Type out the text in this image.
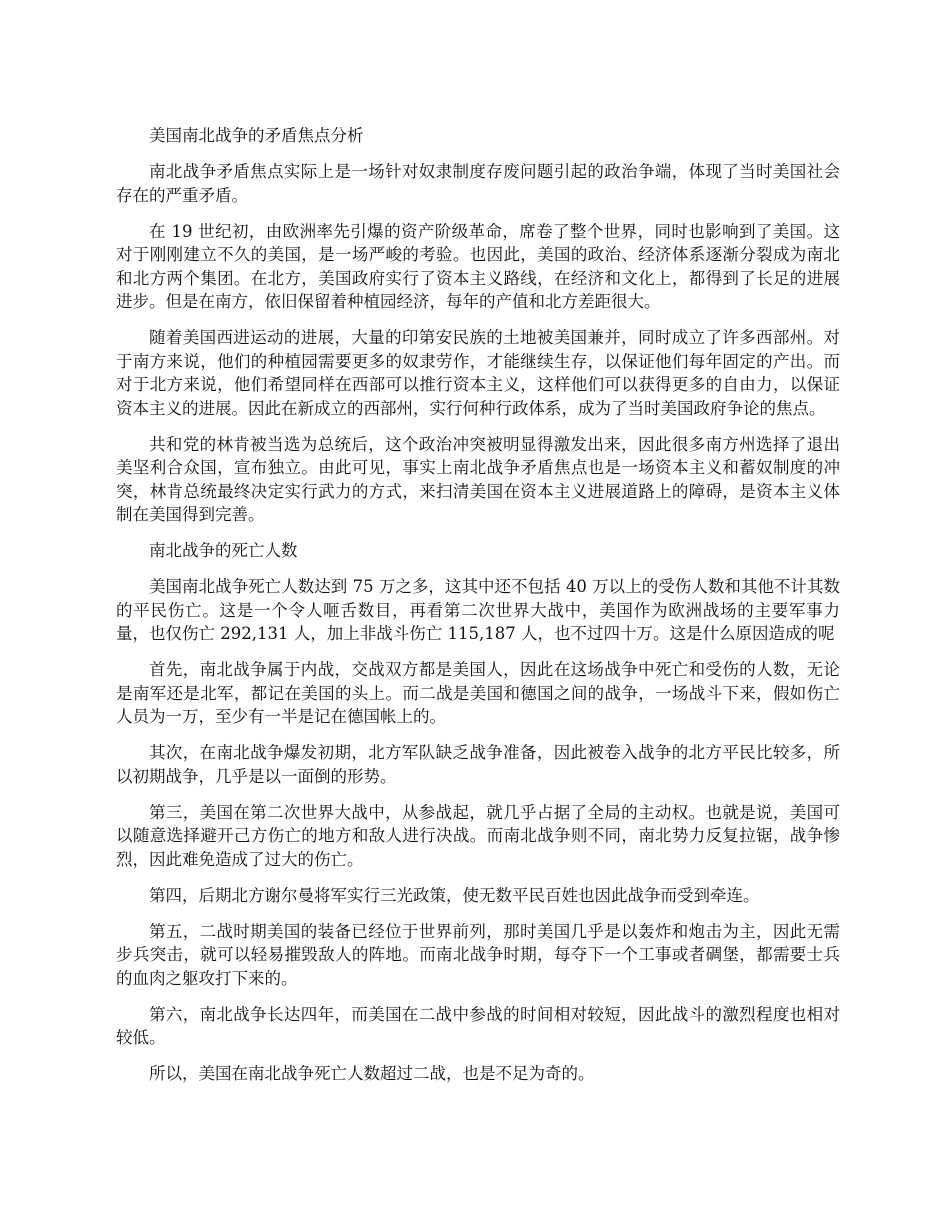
美国南北战争的矛盾焦点分析

南北战争矛盾焦点实际上是一场针对奴隶制度存废问题引起的政治争端，体现了当时美国社会存在的严重矛盾。

在 19 世纪初，由欧洲率先引爆的资产阶级革命，席卷了整个世界，同时也影响到了美国。这对于刚刚建立不久的美国，是一场严峻的考验。也因此，美国的政治、经济体系逐渐分裂成为南北和北方两个集团。在北方，美国政府实行了资本主义路线，在经济和文化上，都得到了长足的进展进步。但是在南方，依旧保留着种植园经济，每年的产值和北方差距很大。

随着美国西进运动的进展，大量的印第安民族的土地被美国兼并，同时成立了许多西部州。对于南方来说，他们的种植园需要更多的奴隶劳作，才能继续生存，以保证他们每年固定的产出。而对于北方来说，他们希望同样在西部可以推行资本主义，这样他们可以获得更多的自由力，以保证资本主义的进展。因此在新成立的西部州，实行何种行政体系，成为了当时美国政府争论的焦点。

共和党的林肯被当选为总统后，这个政治冲突被明显得激发出来，因此很多南方州选择了退出美坚利合众国，宣布独立。由此可见，事实上南北战争矛盾焦点也是一场资本主义和蓄奴制度的冲突，林肯总统最终决定实行武力的方式，来扫清美国在资本主义进展道路上的障碍，是资本主义体制在美国得到完善。

南北战争的死亡人数

美国南北战争死亡人数达到 75 万之多，这其中还不包括 40 万以上的受伤人数和其他不计其数的平民伤亡。这是一个令人咂舌数目，再看第二次世界大战中，美国作为欧洲战场的主要军事力量，也仅伤亡 292,131 人，加上非战斗伤亡 115,187 人，也不过四十万。这是什么原因造成的呢

首先，南北战争属于内战，交战双方都是美国人，因此在这场战争中死亡和受伤的人数，无论是南军还是北军，都记在美国的头上。而二战是美国和德国之间的战争，一场战斗下来，假如伤亡人员为一万，至少有一半是记在德国帐上的。

其次，在南北战争爆发初期，北方军队缺乏战争准备，因此被卷入战争的北方平民比较多，所以初期战争，几乎是以一面倒的形势。

第三，美国在第二次世界大战中，从参战起，就几乎占据了全局的主动权。也就是说，美国可以随意选择避开己方伤亡的地方和敌人进行决战。而南北战争则不同，南北势力反复拉锯，战争惨烈，因此难免造成了过大的伤亡。

第四，后期北方谢尔曼将军实行三光政策，使无数平民百姓也因此战争而受到牵连。

第五，二战时期美国的装备已经位于世界前列，那时美国几乎是以轰炸和炮击为主，因此无需步兵突击，就可以轻易摧毁敌人的阵地。而南北战争时期，每夺下一个工事或者碉堡，都需要士兵的血肉之躯攻打下来的。

第六，南北战争长达四年，而美国在二战中参战的时间相对较短，因此战斗的激烈程度也相对较低。

所以，美国在南北战争死亡人数超过二战，也是不足为奇的。
